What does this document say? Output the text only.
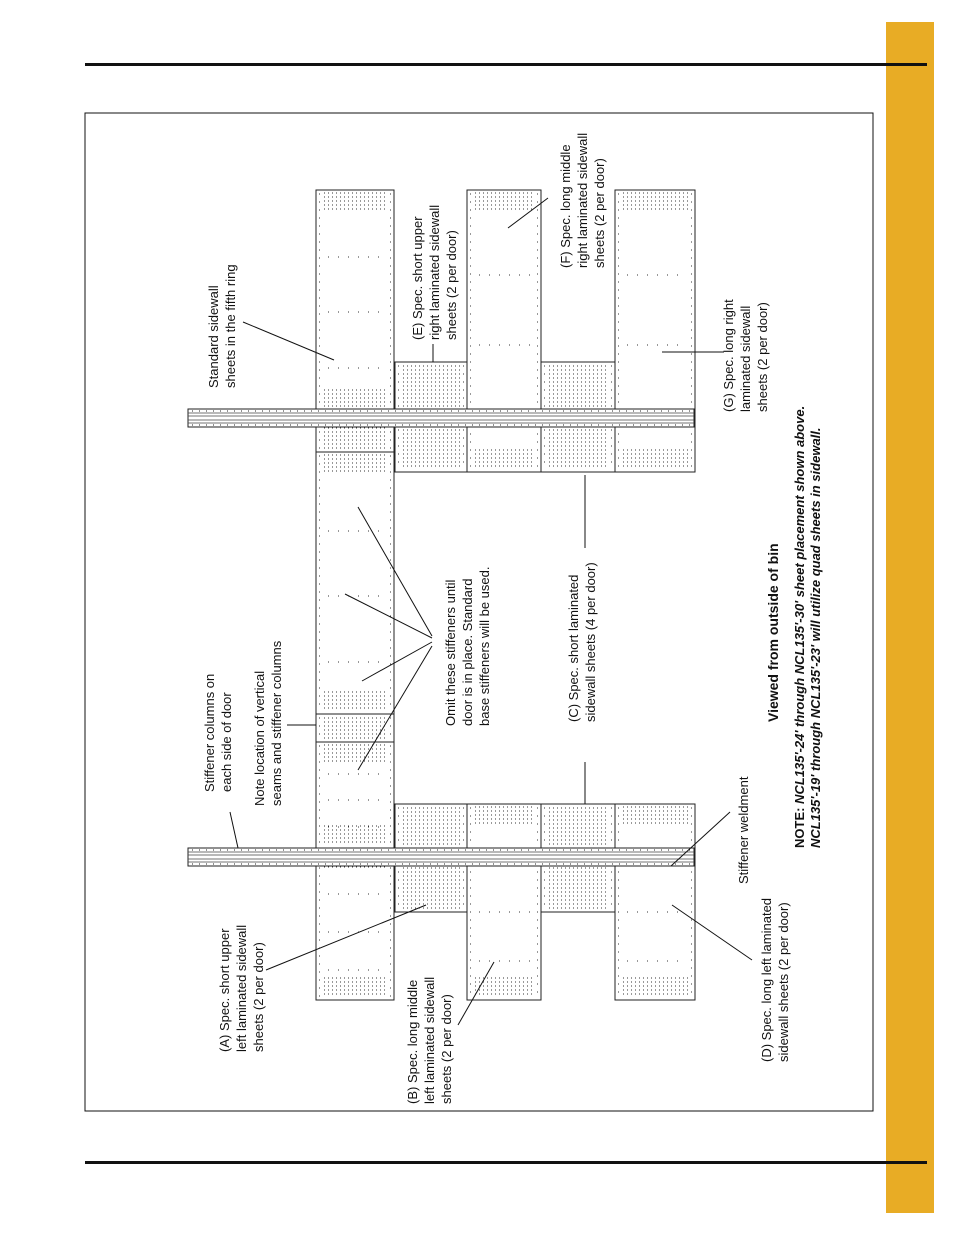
Standard sidewall sheets in the fifth ring
Stiffener columns on each side of door Note location of vertical seams and stiffener columns	Omit these stiffeners until door is in place. Standard base stiffeners will be used.
(A) Spec. short upper left laminated sidewall sheets (2 per door)	(B) Spec. long middle left laminated sidewall sheets (2 per door)
(C) Spec. short laminated sidewall sheets (4 per door)
(D) Spec. long left laminated sidewall sheets (2 per door)
(E) Spec. short upper right laminated sidewall sheets (2 per door)
(F) Spec. long middle right laminated sidewall sheets (2 per door)
(G) Spec. long right laminated sidewall sheets (2 per door)
Stiffener weldment
Viewed from outside of bin
NOTE: NCL135'-24' through NCL135'-30' sheet placement shown above. NCL135'-19' through NCL135'-23' will utilize quad sheets in sidewall.
